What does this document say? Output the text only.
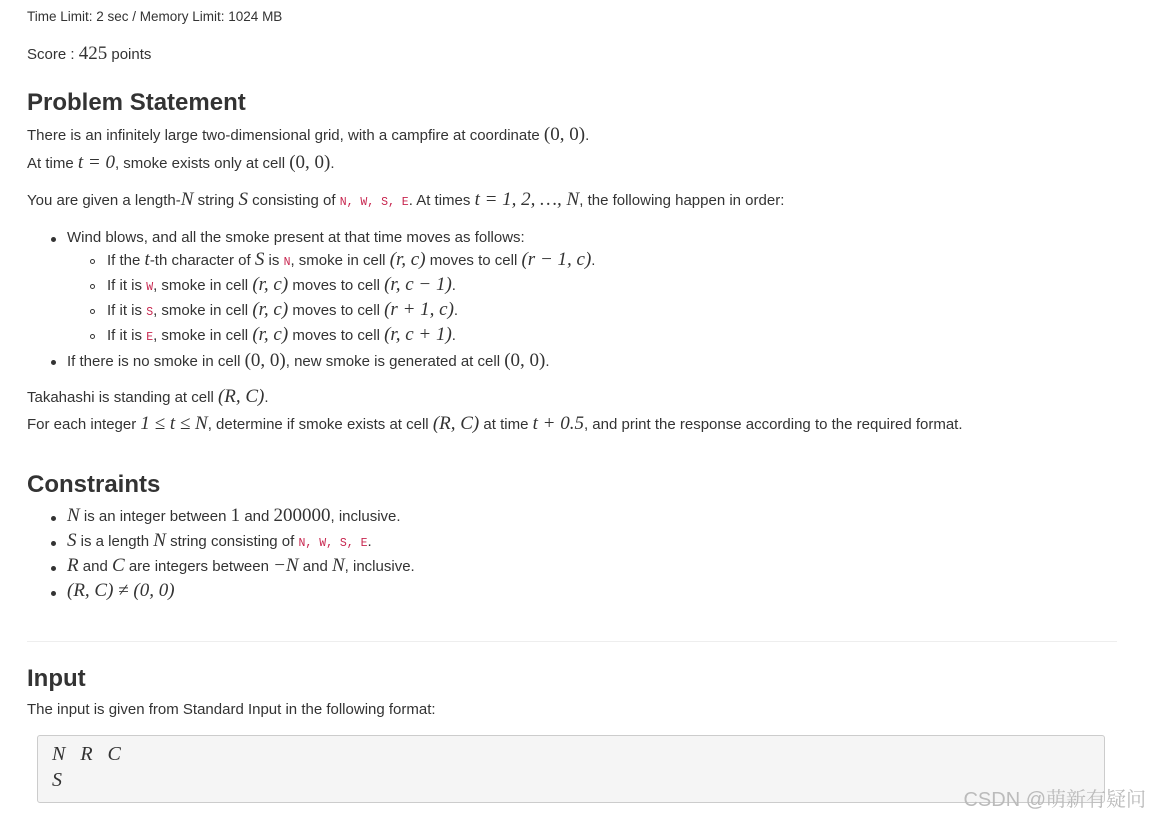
Time Limit: 2 sec / Memory Limit: 1024 MB
Score : 425 points
Problem Statement
There is an infinitely large two-dimensional grid, with a campfire at coordinate (0, 0).
At time t = 0, smoke exists only at cell (0, 0).
You are given a length-N string S consisting of N, W, S, E. At times t = 1, 2, …, N, the following happen in order:
Wind blows, and all the smoke present at that time moves as follows:
If the t-th character of S is N, smoke in cell (r, c) moves to cell (r − 1, c).
If it is W, smoke in cell (r, c) moves to cell (r, c − 1).
If it is S, smoke in cell (r, c) moves to cell (r + 1, c).
If it is E, smoke in cell (r, c) moves to cell (r, c + 1).
If there is no smoke in cell (0, 0), new smoke is generated at cell (0, 0).
Takahashi is standing at cell (R, C).
For each integer 1 ≤ t ≤ N, determine if smoke exists at cell (R, C) at time t + 0.5, and print the response according to the required format.
Constraints
N is an integer between 1 and 200000, inclusive.
S is a length N string consisting of N, W, S, E.
R and C are integers between −N and N, inclusive.
(R, C) ≠ (0, 0)
Input
The input is given from Standard Input in the following format:
N   R   C
S
CSDN @萌新有疑问
